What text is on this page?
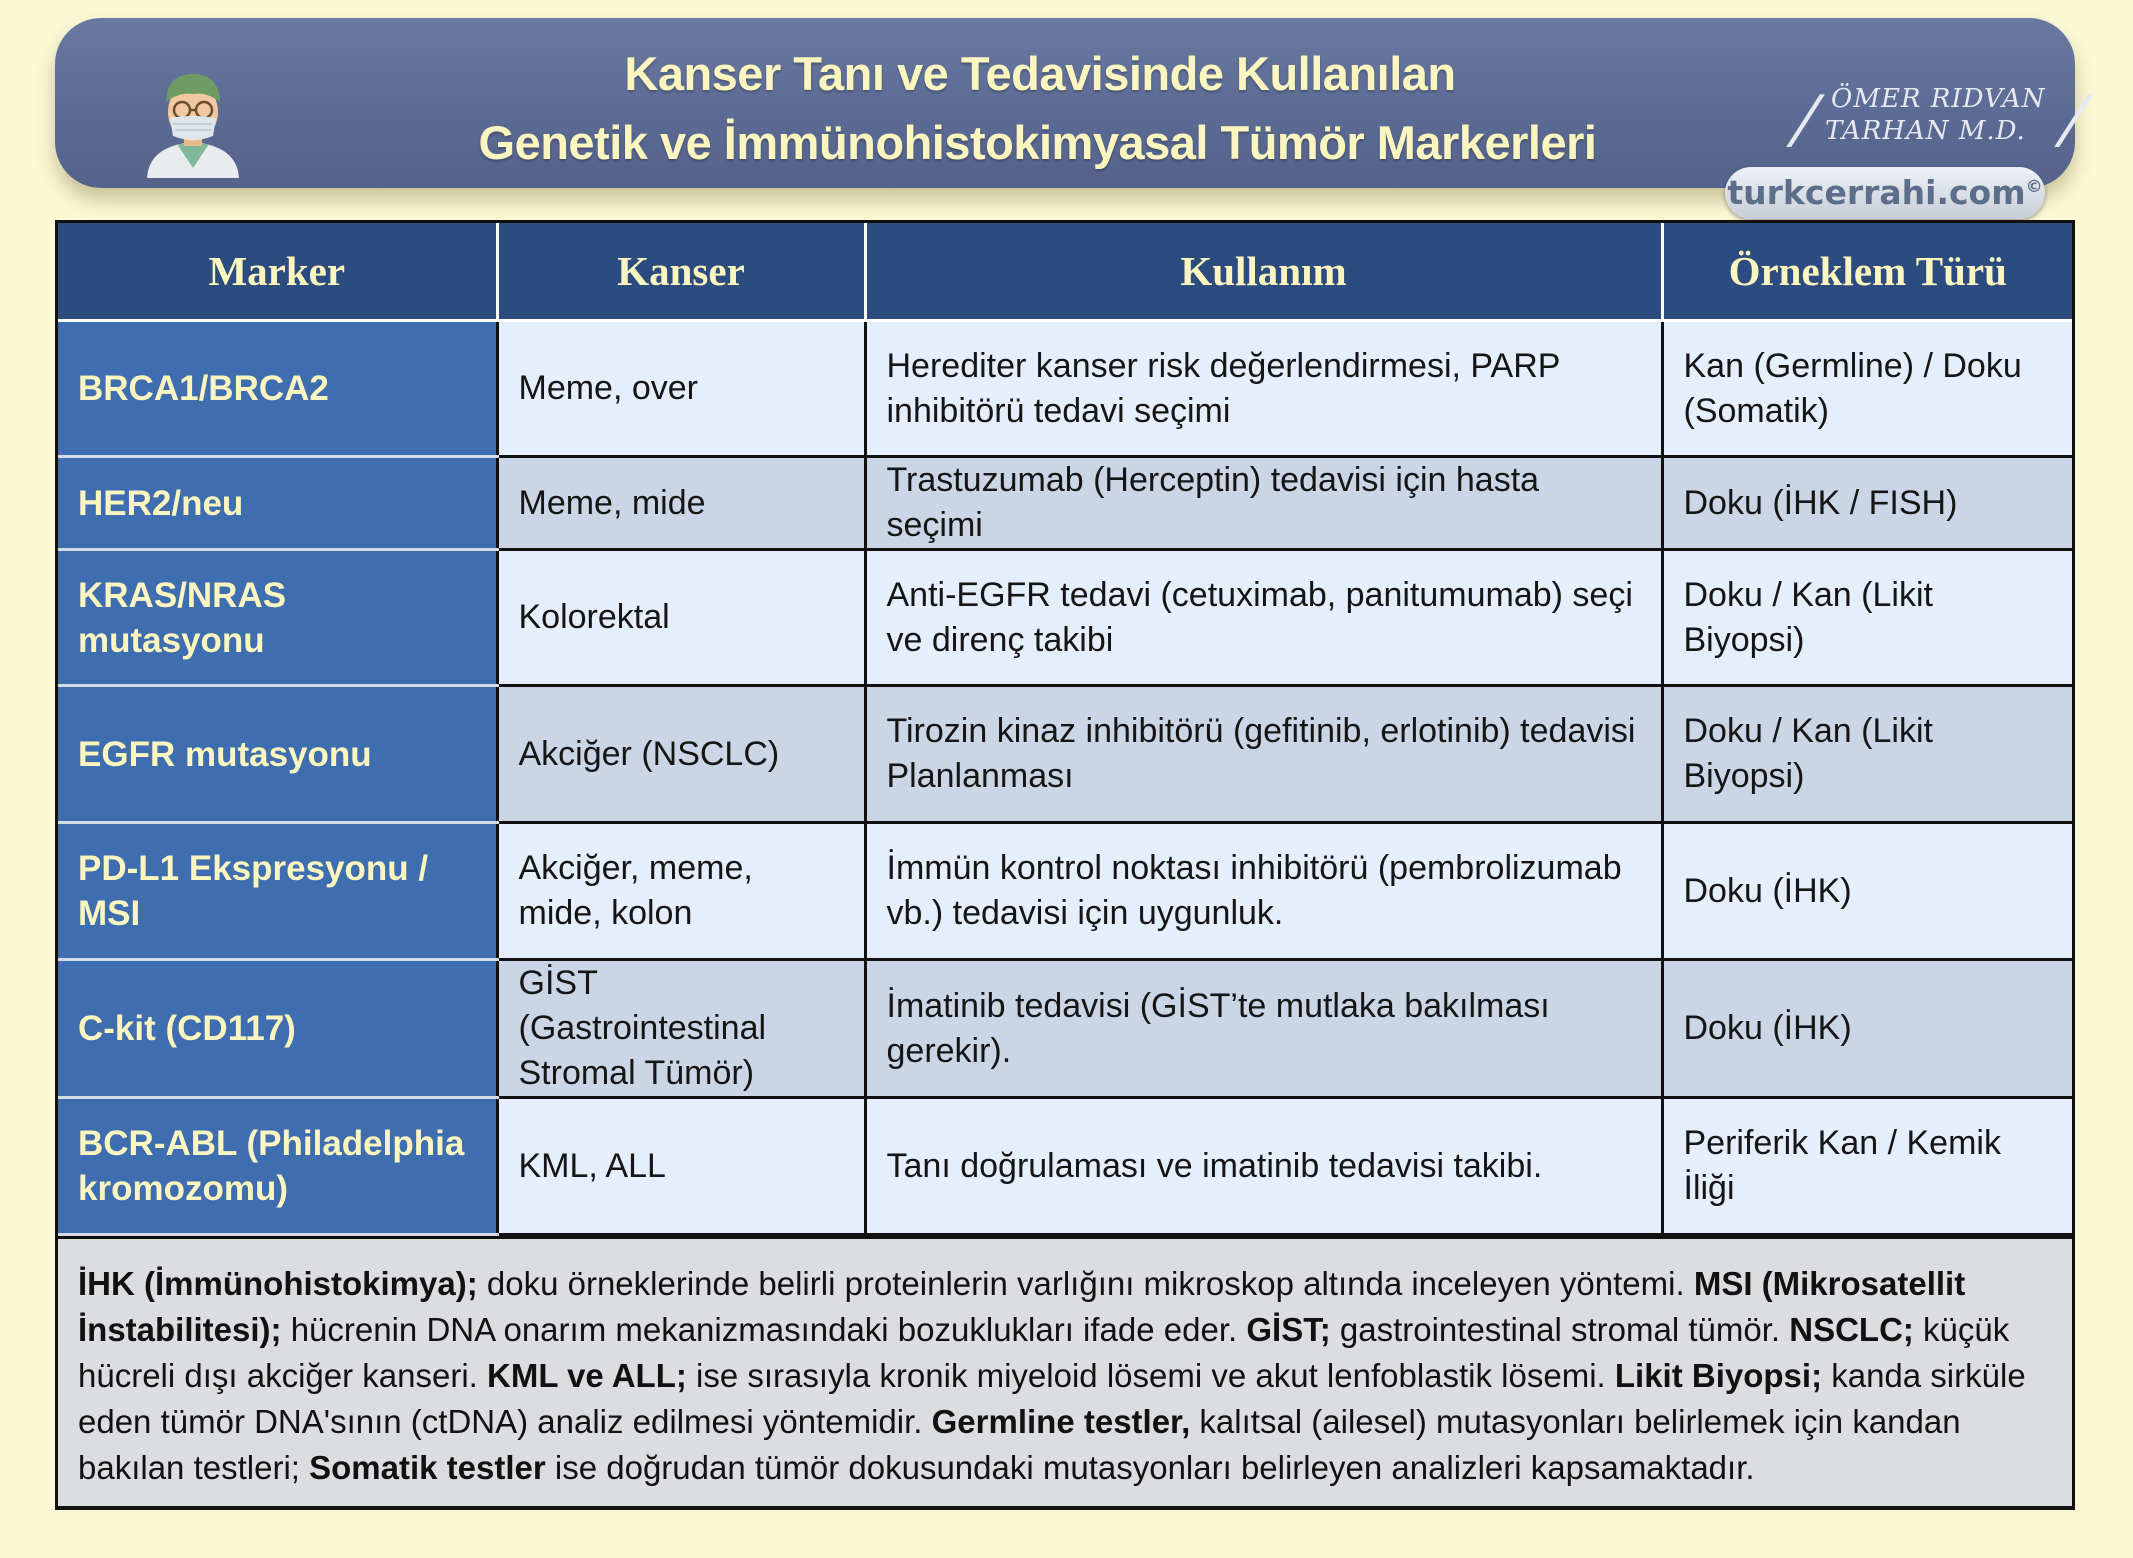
Kanser Tanı ve Tedavisinde Kullanılan
Genetik ve İmmünohistokimyasal Tümör Markerleri	/ ÖMER RIDVAN
TARHAN M.D. /
turkcerrahi.com©
Marker	Kanser	Kullanım	Örneklem Türü
BRCA1/BRCA2	Meme, over	Herediter kanser risk değerlendirmesi, PARP inhibitörü tedavi seçimi	Kan (Germline) / Doku (Somatik)
HER2/neu	Meme, mide	Trastuzumab (Herceptin) tedavisi için hasta seçimi	Doku (İHK / FISH)
KRAS/NRAS mutasyonu	Kolorektal	Anti-EGFR tedavi (cetuximab, panitumumab) seçi ve direnç takibi	Doku / Kan (Likit Biyopsi)
EGFR mutasyonu	Akciğer (NSCLC)	Tirozin kinaz inhibitörü (gefitinib, erlotinib) tedavisi Planlanması	Doku / Kan (Likit Biyopsi)
PD-L1 Ekspresyonu / MSI	Akciğer, meme, mide, kolon	İmmün kontrol noktası inhibitörü (pembrolizumab vb.) tedavisi için uygunluk.	Doku (İHK)
C-kit (CD117)	GİST (Gastrointestinal Stromal Tümör)	İmatinib tedavisi (GİST’te mutlaka bakılması gerekir).	Doku (İHK)
BCR-ABL (Philadelphia kromozomu)	KML, ALL	Tanı doğrulaması ve imatinib tedavisi takibi.	Periferik Kan / Kemik İliği
İHK (İmmünohistokimya); doku örneklerinde belirli proteinlerin varlığını mikroskop altında inceleyen yöntemi. MSI (Mikrosatellit İnstabilitesi); hücrenin DNA onarım mekanizmasındaki bozuklukları ifade eder. GİST; gastrointestinal stromal tümör. NSCLC; küçük hücreli dışı akciğer kanseri. KML ve ALL; ise sırasıyla kronik miyeloid lösemi ve akut lenfoblastik lösemi. Likit Biyopsi; kanda sirküle eden tümör DNA'sının (ctDNA) analiz edilmesi yöntemidir. Germline testler, kalıtsal (ailesel) mutasyonları belirlemek için kandan bakılan testleri; Somatik testler ise doğrudan tümör dokusundaki mutasyonları belirleyen analizleri kapsamaktadır.
